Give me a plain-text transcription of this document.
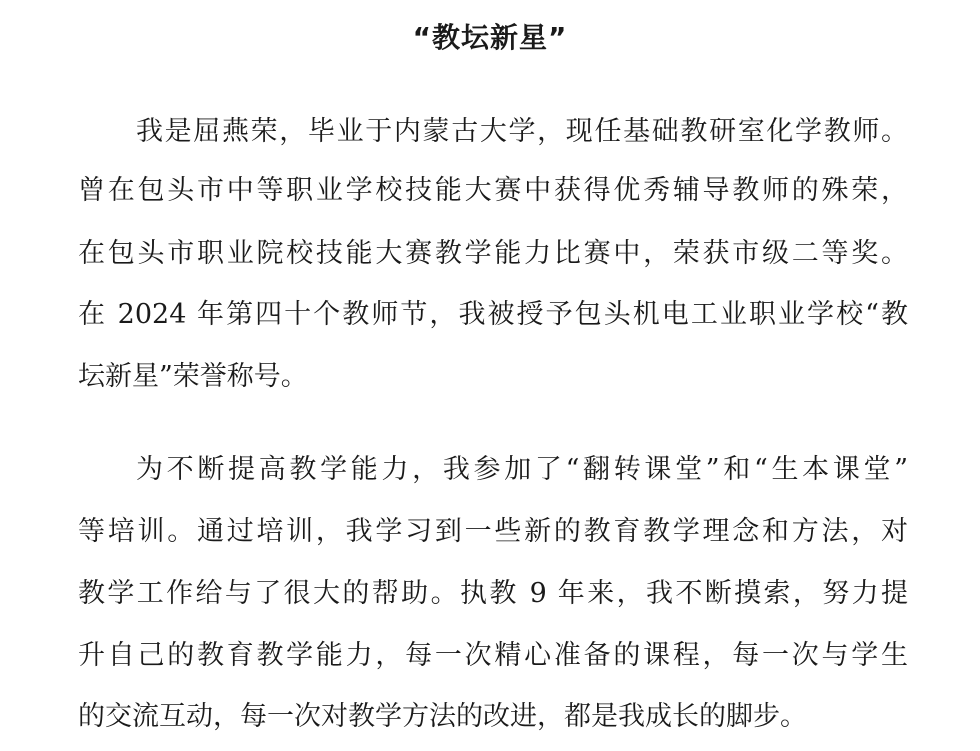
“教坛新星”

我是屈燕荣，毕业于内蒙古大学，现任基础教研室化学教师。

曾在包头市中等职业学校技能大赛中获得优秀辅导教师的殊荣，

在包头市职业院校技能大赛教学能力比赛中，荣获市级二等奖。

在 2024 年第四十个教师节，我被授予包头机电工业职业学校“教

坛新星”荣誉称号。

为不断提高教学能力，我参加了“翻转课堂”和“生本课堂”

等培训。通过培训，我学习到一些新的教育教学理念和方法，对

教学工作给与了很大的帮助。执教 9 年来，我不断摸索，努力提

升自己的教育教学能力，每一次精心准备的课程，每一次与学生

的交流互动，每一次对教学方法的改进，都是我成长的脚步。
